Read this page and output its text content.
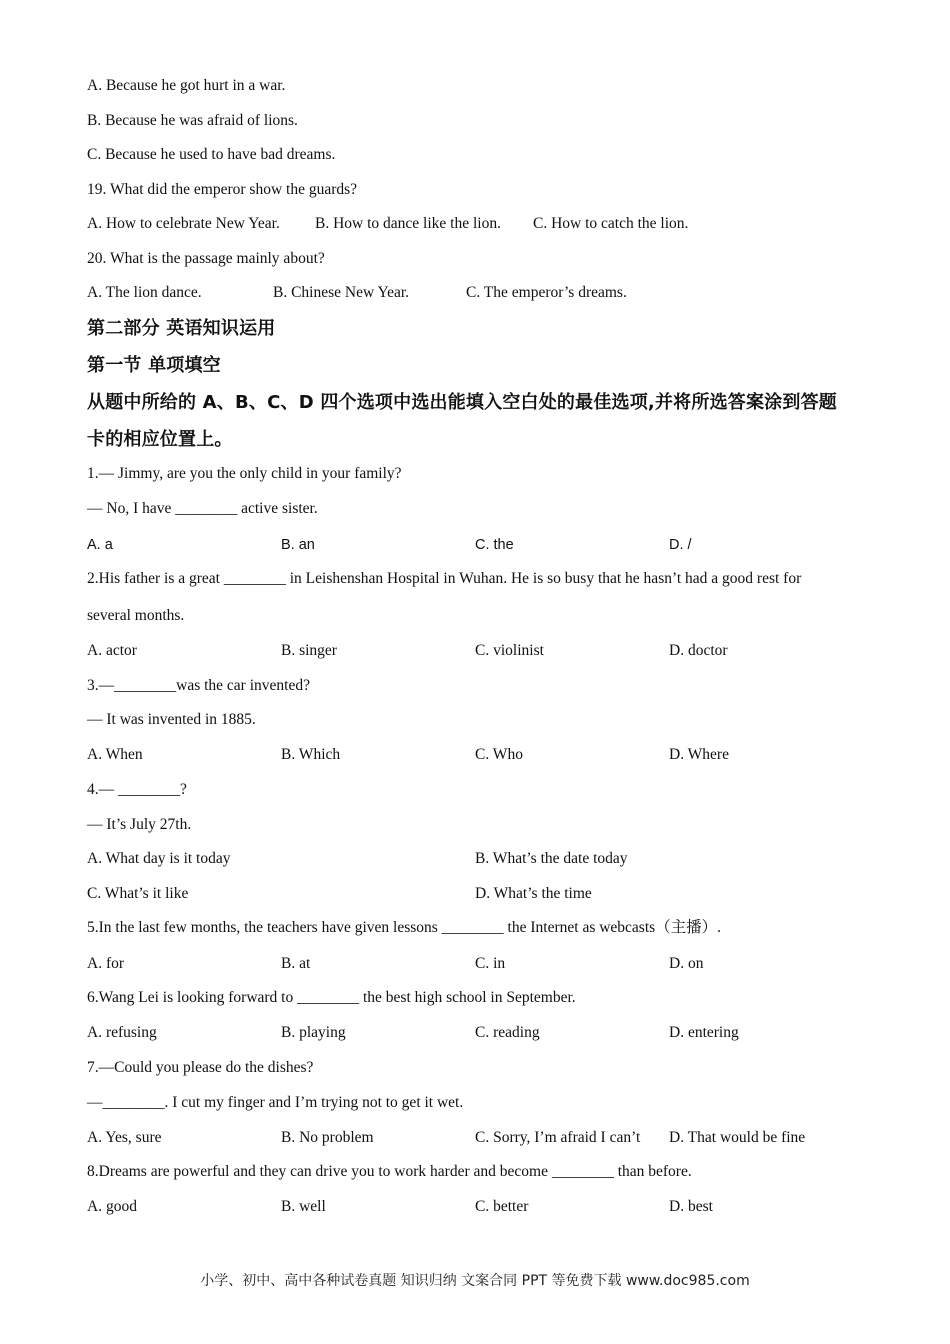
A. Because he got hurt in a war.
B. Because he was afraid of lions.
C. Because he used to have bad dreams.
19. What did the emperor show the guards?
A. How to celebrate New Year. B. How to dance like the lion. C. How to catch the lion.
20. What is the passage mainly about?
A. The lion dance.	B. Chinese New Year.	C. The emperor’s dreams.
第二部分 英语知识运用
第一节 单项填空
从题中所给的 A、B、C、D 四个选项中选出能填入空白处的最佳选项,并将所选答案涂到答题
卡的相应位置上。
1.— Jimmy, are you the only child in your family?
— No, I have ________ active sister.
A. a	B. an	C. the	D. /
2.His father is a great ________ in Leishenshan Hospital in Wuhan. He is so busy that he hasn’t had a good rest for
several months.
A. actor	B. singer	C. violinist	D. doctor
3.—________was the car invented?
— It was invented in 1885.
A. When	B. Which	C. Who	D. Where
4.— ________?
— It’s July 27th.
A. What day is it today	B. What’s the date today
C. What’s it like	D. What’s the time
5.In the last few months, the teachers have given lessons ________ the Internet as webcasts（主播）.
A. for	B. at	C. in	D. on
6.Wang Lei is looking forward to ________ the best high school in September.
A. refusing	B. playing	C. reading	D. entering
7.—Could you please do the dishes?
—________. I cut my finger and I’m trying not to get it wet.
A. Yes, sure	B. No problem	C. Sorry, I’m afraid I can’t D. That would be fine
8.Dreams are powerful and they can drive you to work harder and become ________ than before.
A. good	B. well	C. better	D. best
小学、初中、高中各种试卷真题 知识归纳 文案合同 PPT 等免费下载 www.doc985.com
